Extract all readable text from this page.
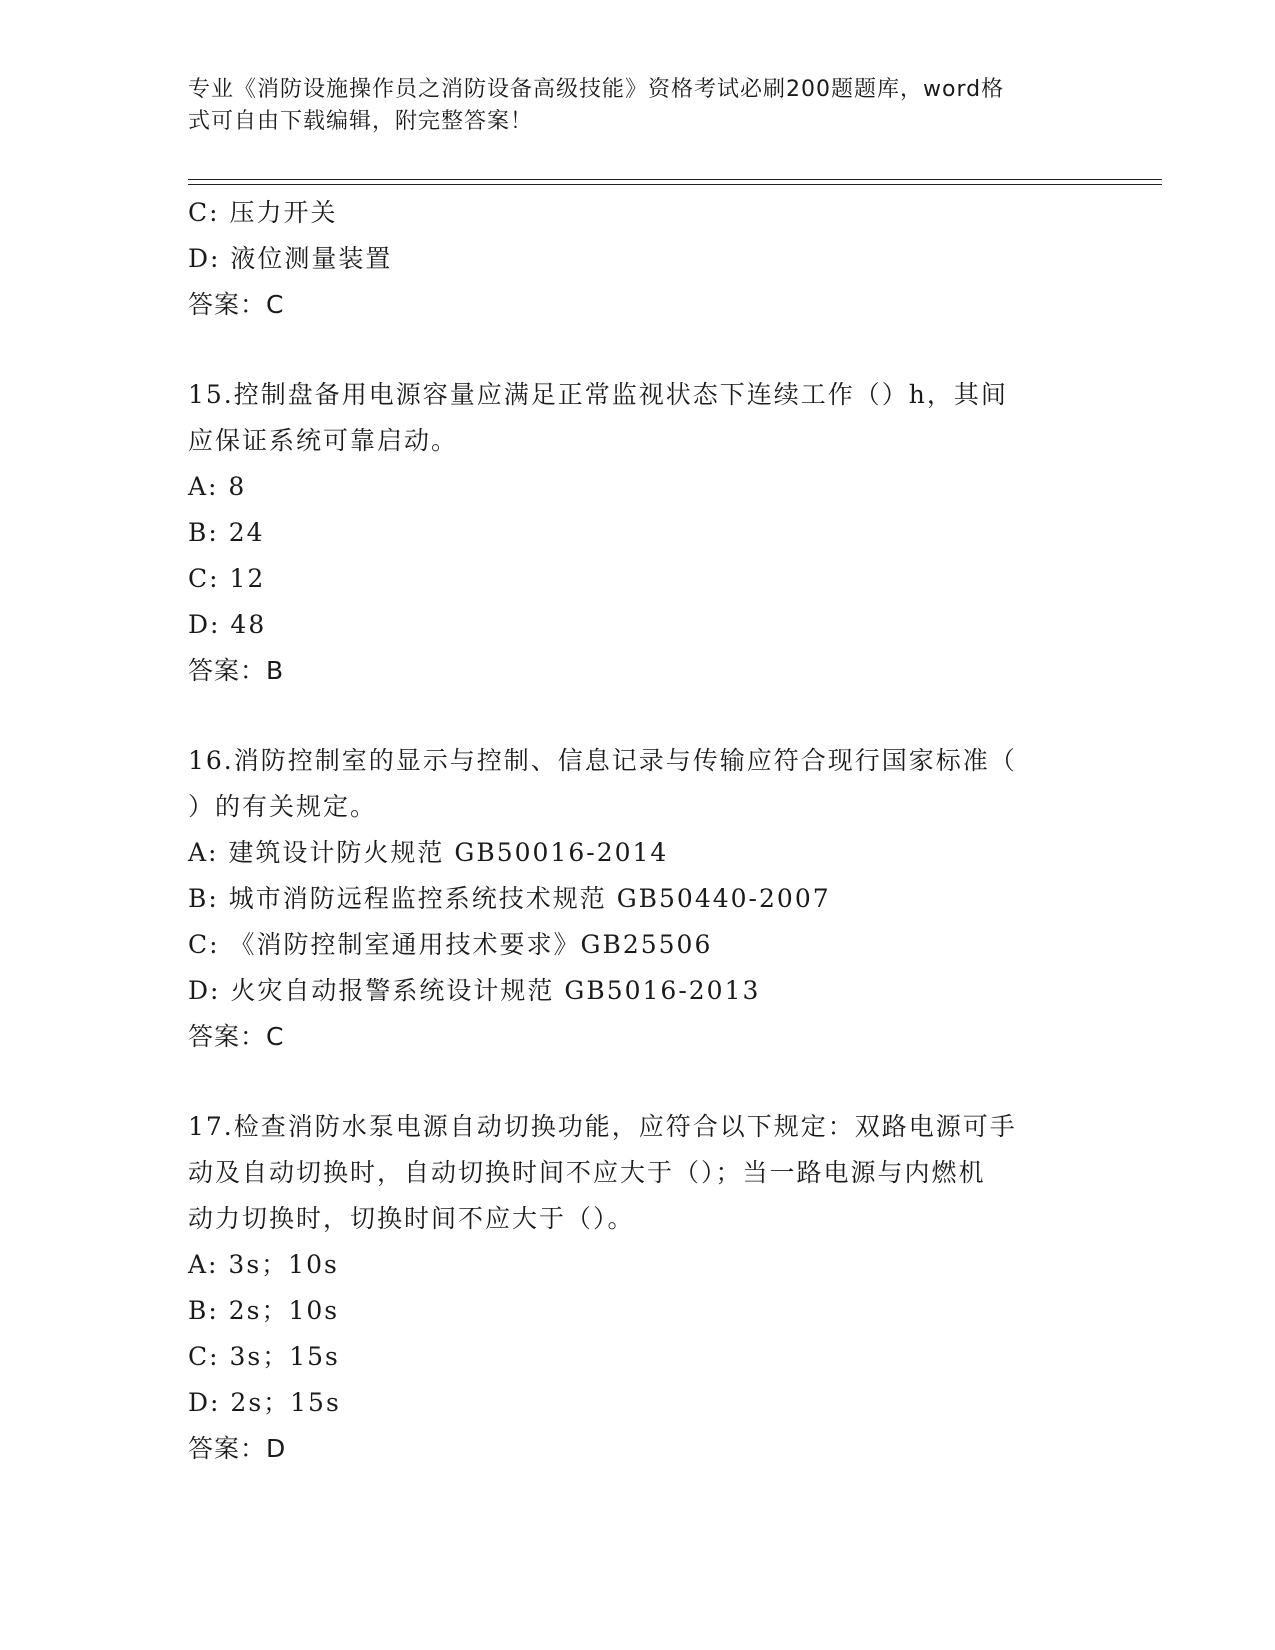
专业《消防设施操作员之消防设备高级技能》资格考试必刷200题题库，word格
式可自由下载编辑，附完整答案！
C: 压力开关
D: 液位测量装置
答案：C
15.控制盘备用电源容量应满足正常监视状态下连续工作（）h，其间
应保证系统可靠启动。
A: 8
B: 24
C: 12
D: 48
答案：B
16.消防控制室的显示与控制、信息记录与传输应符合现行国家标准（
）的有关规定。
A: 建筑设计防火规范 GB50016-2014
B: 城市消防远程监控系统技术规范 GB50440-2007
C: 《消防控制室通用技术要求》GB25506
D: 火灾自动报警系统设计规范 GB5016-2013
答案：C
17.检查消防水泵电源自动切换功能，应符合以下规定：双路电源可手
动及自动切换时，自动切换时间不应大于（）；当一路电源与内燃机
动力切换时，切换时间不应大于（）。
A: 3s；10s
B: 2s；10s
C: 3s；15s
D: 2s；15s
答案：D
